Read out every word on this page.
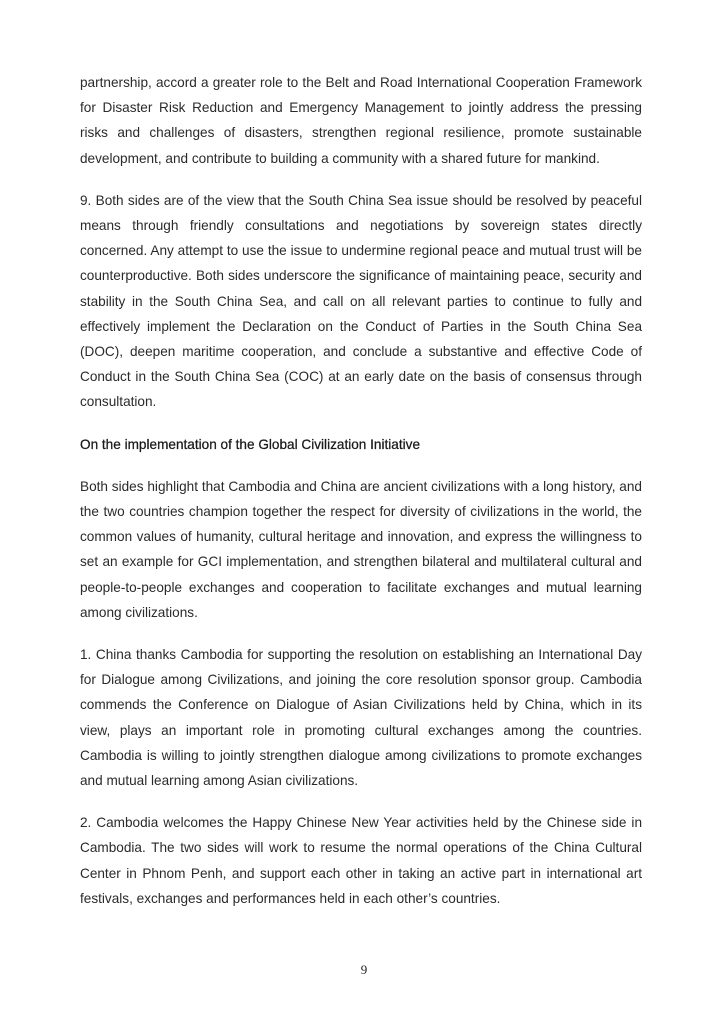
partnership, accord a greater role to the Belt and Road International Cooperation Framework for Disaster Risk Reduction and Emergency Management to jointly address the pressing risks and challenges of disasters, strengthen regional resilience, promote sustainable development, and contribute to building a community with a shared future for mankind.

9. Both sides are of the view that the South China Sea issue should be resolved by peaceful means through friendly consultations and negotiations by sovereign states directly concerned. Any attempt to use the issue to undermine regional peace and mutual trust will be counterproductive. Both sides underscore the significance of maintaining peace, security and stability in the South China Sea, and call on all relevant parties to continue to fully and effectively implement the Declaration on the Conduct of Parties in the South China Sea (DOC), deepen maritime cooperation, and conclude a substantive and effective Code of Conduct in the South China Sea (COC) at an early date on the basis of consensus through consultation.

On the implementation of the Global Civilization Initiative

Both sides highlight that Cambodia and China are ancient civilizations with a long history, and the two countries champion together the respect for diversity of civilizations in the world, the common values of humanity, cultural heritage and innovation, and express the willingness to set an example for GCI implementation, and strengthen bilateral and multilateral cultural and people-to-people exchanges and cooperation to facilitate exchanges and mutual learning among civilizations.

1. China thanks Cambodia for supporting the resolution on establishing an International Day for Dialogue among Civilizations, and joining the core resolution sponsor group. Cambodia commends the Conference on Dialogue of Asian Civilizations held by China, which in its view, plays an important role in promoting cultural exchanges among the countries. Cambodia is willing to jointly strengthen dialogue among civilizations to promote exchanges and mutual learning among Asian civilizations.

2. Cambodia welcomes the Happy Chinese New Year activities held by the Chinese side in Cambodia. The two sides will work to resume the normal operations of the China Cultural Center in Phnom Penh, and support each other in taking an active part in international art festivals, exchanges and performances held in each other’s countries.

9
